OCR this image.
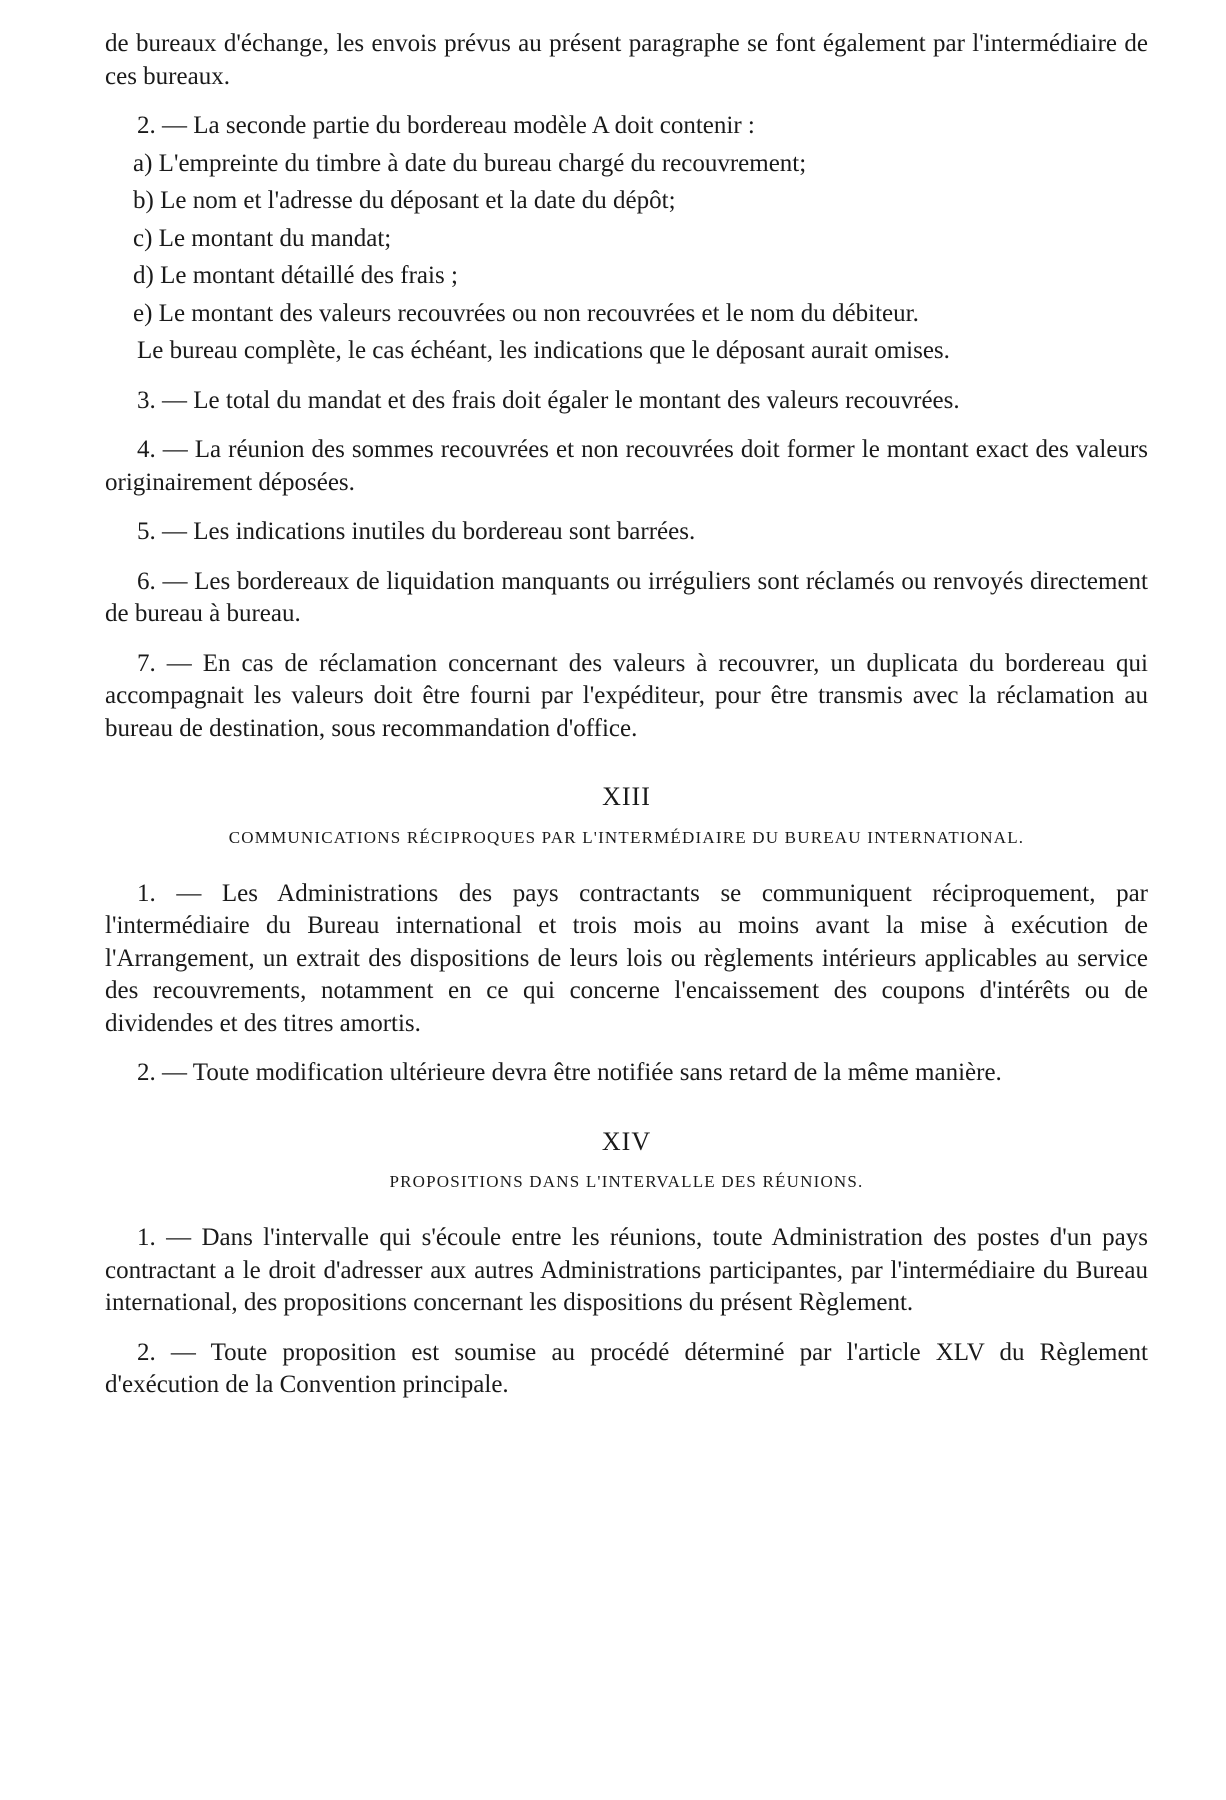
de bureaux d'échange, les envois prévus au présent paragraphe se font également par l'intermédiaire de ces bureaux.

2. — La seconde partie du bordereau modèle A doit contenir :

a) L'empreinte du timbre à date du bureau chargé du recouvrement;

b) Le nom et l'adresse du déposant et la date du dépôt;

c) Le montant du mandat;

d) Le montant détaillé des frais ;

e) Le montant des valeurs recouvrées ou non recouvrées et le nom du débiteur.

Le bureau complète, le cas échéant, les indications que le déposant aurait omises.

3. — Le total du mandat et des frais doit égaler le montant des valeurs recouvrées.

4. — La réunion des sommes recouvrées et non recouvrées doit former le montant exact des valeurs originairement déposées.

5. — Les indications inutiles du bordereau sont barrées.

6. — Les bordereaux de liquidation manquants ou irréguliers sont réclamés ou renvoyés directement de bureau à bureau.

7. — En cas de réclamation concernant des valeurs à recouvrer, un duplicata du bordereau qui accompagnait les valeurs doit être fourni par l'expéditeur, pour être transmis avec la réclamation au bureau de destination, sous recommandation d'office.

XIII
COMMUNICATIONS RÉCIPROQUES PAR L'INTERMÉDIAIRE DU BUREAU INTERNATIONAL.

1. — Les Administrations des pays contractants se communiquent réciproquement, par l'intermédiaire du Bureau international et trois mois au moins avant la mise à exécution de l'Arrangement, un extrait des dispositions de leurs lois ou règlements intérieurs applicables au service des recouvrements, notamment en ce qui concerne l'encaissement des coupons d'intérêts ou de dividendes et des titres amortis.

2. — Toute modification ultérieure devra être notifiée sans retard de la même manière.

XIV
PROPOSITIONS DANS L'INTERVALLE DES RÉUNIONS.

1. — Dans l'intervalle qui s'écoule entre les réunions, toute Administration des postes d'un pays contractant a le droit d'adresser aux autres Administrations participantes, par l'intermédiaire du Bureau international, des propositions concernant les dispositions du présent Règlement.

2. — Toute proposition est soumise au procédé déterminé par l'article XLV du Règlement d'exécution de la Convention principale.
